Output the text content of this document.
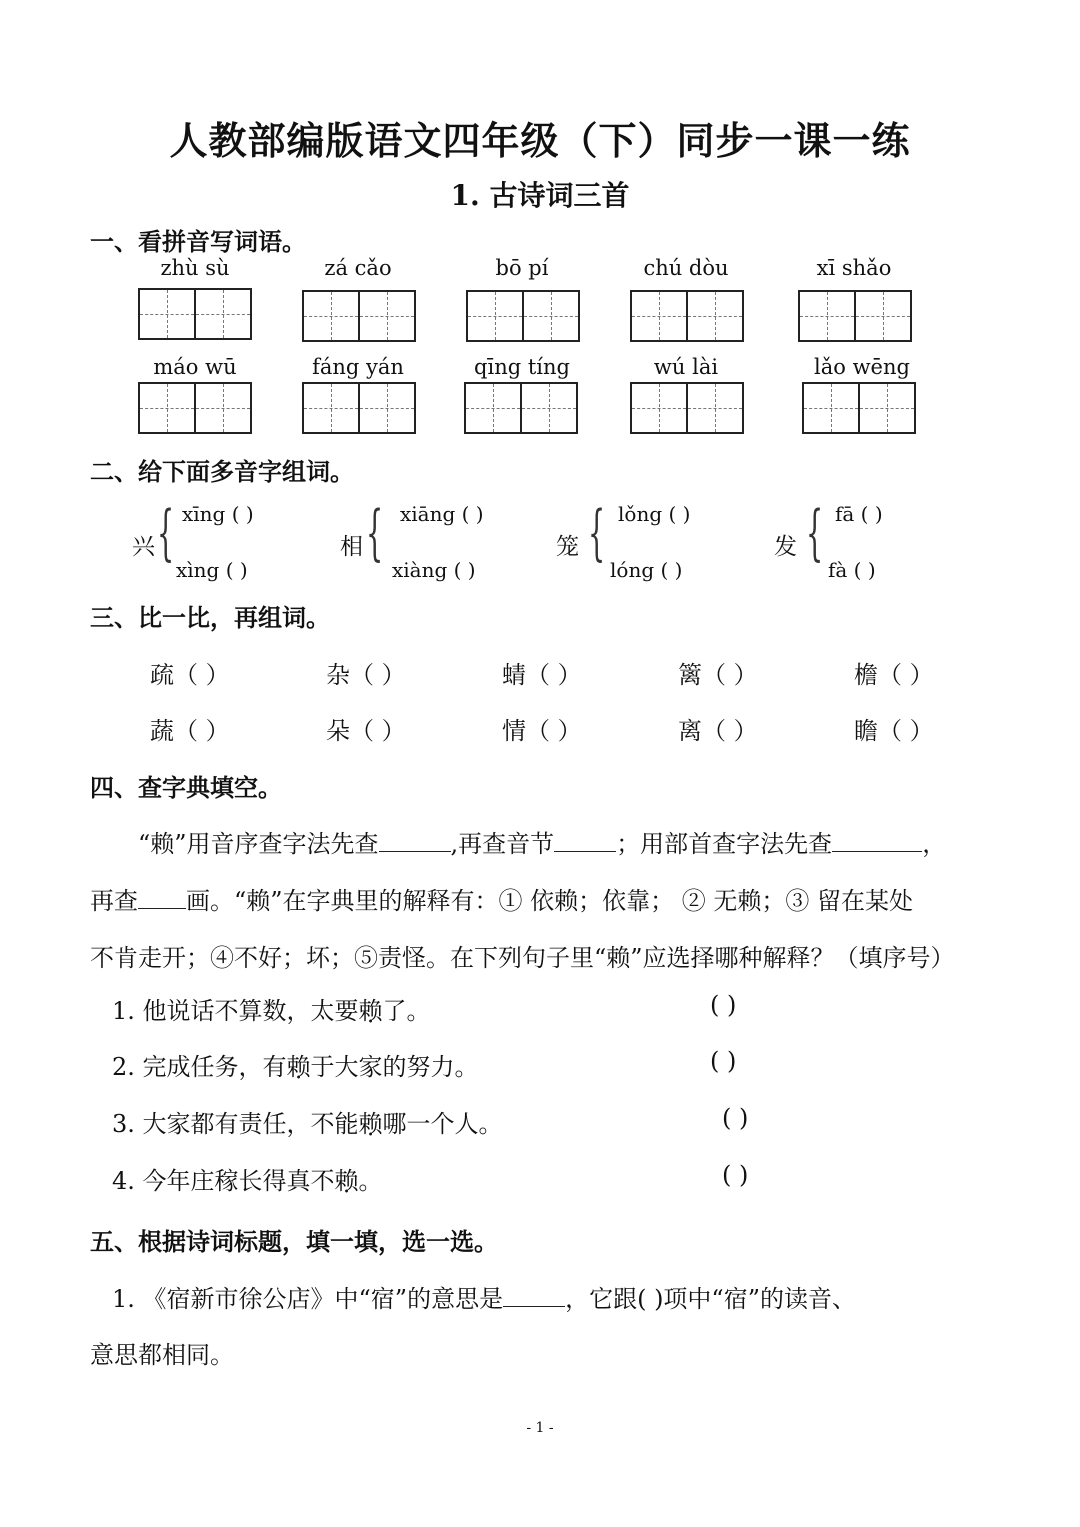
人教部编版语文四年级（下）同步一课一练
1. 古诗词三首
一、看拼音写词语。
zhù sù	zá cǎo	bō pí	chú dòu	xī shǎo
máo wū	fáng yán	qīng tíng	wú lài	lǎo wēng
二、给下面多音字组词。
兴 { xīng ( )
xìng ( )
相 { xiāng ( )
xiàng ( )
笼 { lǒng ( )
lóng ( )
发 { fā ( )
fà ( )
三、比一比，再组词。
疏（ ）	杂（ ）	蜻（ ）	篱（ ）	檐（ ）
蔬（ ）	朵（ ）	情（ ）	离（ ）	瞻（ ）
四、查字典填空。
“赖”用音序查字法先查	,再查音节	；用部首查字法先查	，
再查 画。“赖”在字典里的解释有：① 依赖；依靠； ② 无赖；③ 留在某处
不肯走开；④不好；坏；⑤责怪。在下列句子里“赖”应选择哪种解释？（填序号）
1. 他说话不算数，太要赖了。	( )
2. 完成任务，有赖于大家的努力。	( )
3. 大家都有责任，不能赖哪一个人。	( )
4. 今年庄稼长得真不赖。	( )
五、根据诗词标题，填一填，选一选。
1. 《宿新市徐公店》中“宿”的意思是	，它跟( )项中“宿”的读音、
意思都相同。
- 1 -
